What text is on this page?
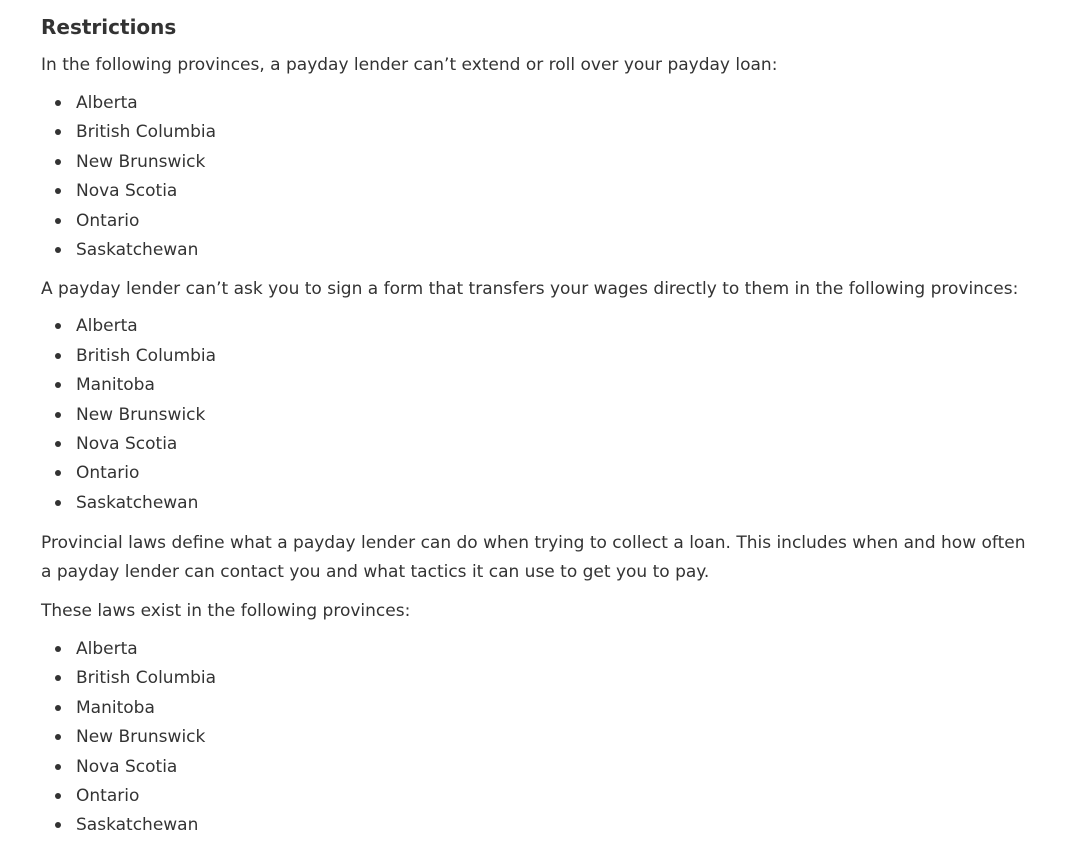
Restrictions

In the following provinces, a payday lender can’t extend or roll over your payday loan:

Alberta
British Columbia
New Brunswick
Nova Scotia
Ontario
Saskatchewan

A payday lender can’t ask you to sign a form that transfers your wages directly to them in the following provinces:

Alberta
British Columbia
Manitoba
New Brunswick
Nova Scotia
Ontario
Saskatchewan

Provincial laws define what a payday lender can do when trying to collect a loan. This includes when and how often a payday lender can contact you and what tactics it can use to get you to pay.

These laws exist in the following provinces:

Alberta
British Columbia
Manitoba
New Brunswick
Nova Scotia
Ontario
Saskatchewan
